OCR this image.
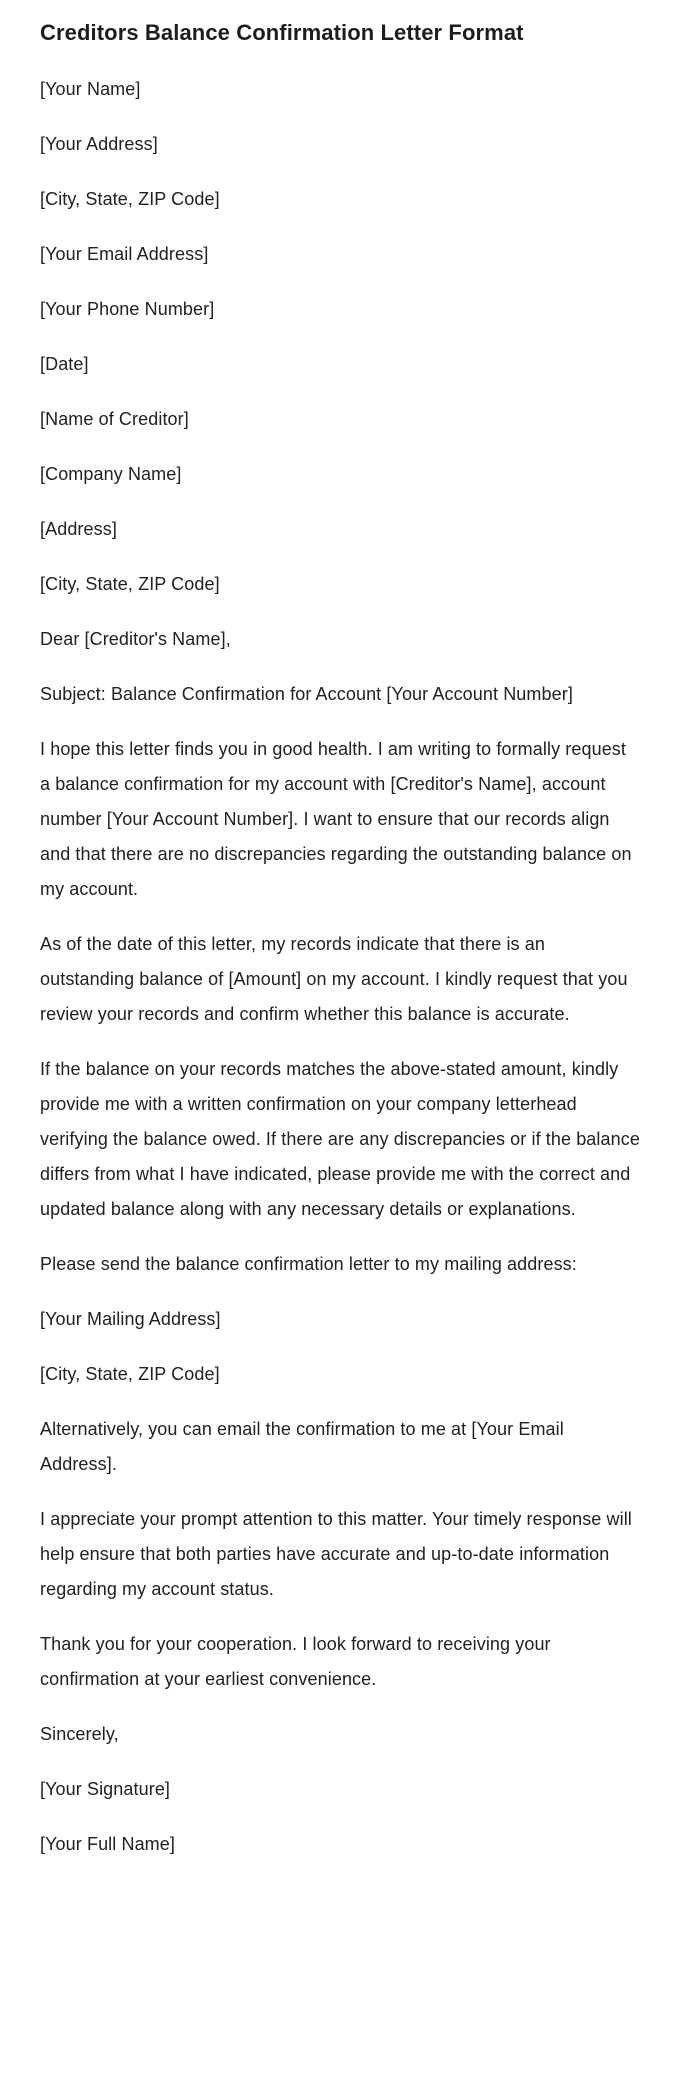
Creditors Balance Confirmation Letter Format

[Your Name]

[Your Address]

[City, State, ZIP Code]

[Your Email Address]

[Your Phone Number]

[Date]

[Name of Creditor]

[Company Name]

[Address]

[City, State, ZIP Code]

Dear [Creditor's Name],

Subject: Balance Confirmation for Account [Your Account Number]

I hope this letter finds you in good health. I am writing to formally request a balance confirmation for my account with [Creditor's Name], account number [Your Account Number]. I want to ensure that our records align and that there are no discrepancies regarding the outstanding balance on my account.

As of the date of this letter, my records indicate that there is an outstanding balance of [Amount] on my account. I kindly request that you review your records and confirm whether this balance is accurate.

If the balance on your records matches the above-stated amount, kindly provide me with a written confirmation on your company letterhead verifying the balance owed. If there are any discrepancies or if the balance differs from what I have indicated, please provide me with the correct and updated balance along with any necessary details or explanations.

Please send the balance confirmation letter to my mailing address:

[Your Mailing Address]

[City, State, ZIP Code]

Alternatively, you can email the confirmation to me at [Your Email Address].

I appreciate your prompt attention to this matter. Your timely response will help ensure that both parties have accurate and up-to-date information regarding my account status.

Thank you for your cooperation. I look forward to receiving your confirmation at your earliest convenience.

Sincerely,

[Your Signature]

[Your Full Name]
